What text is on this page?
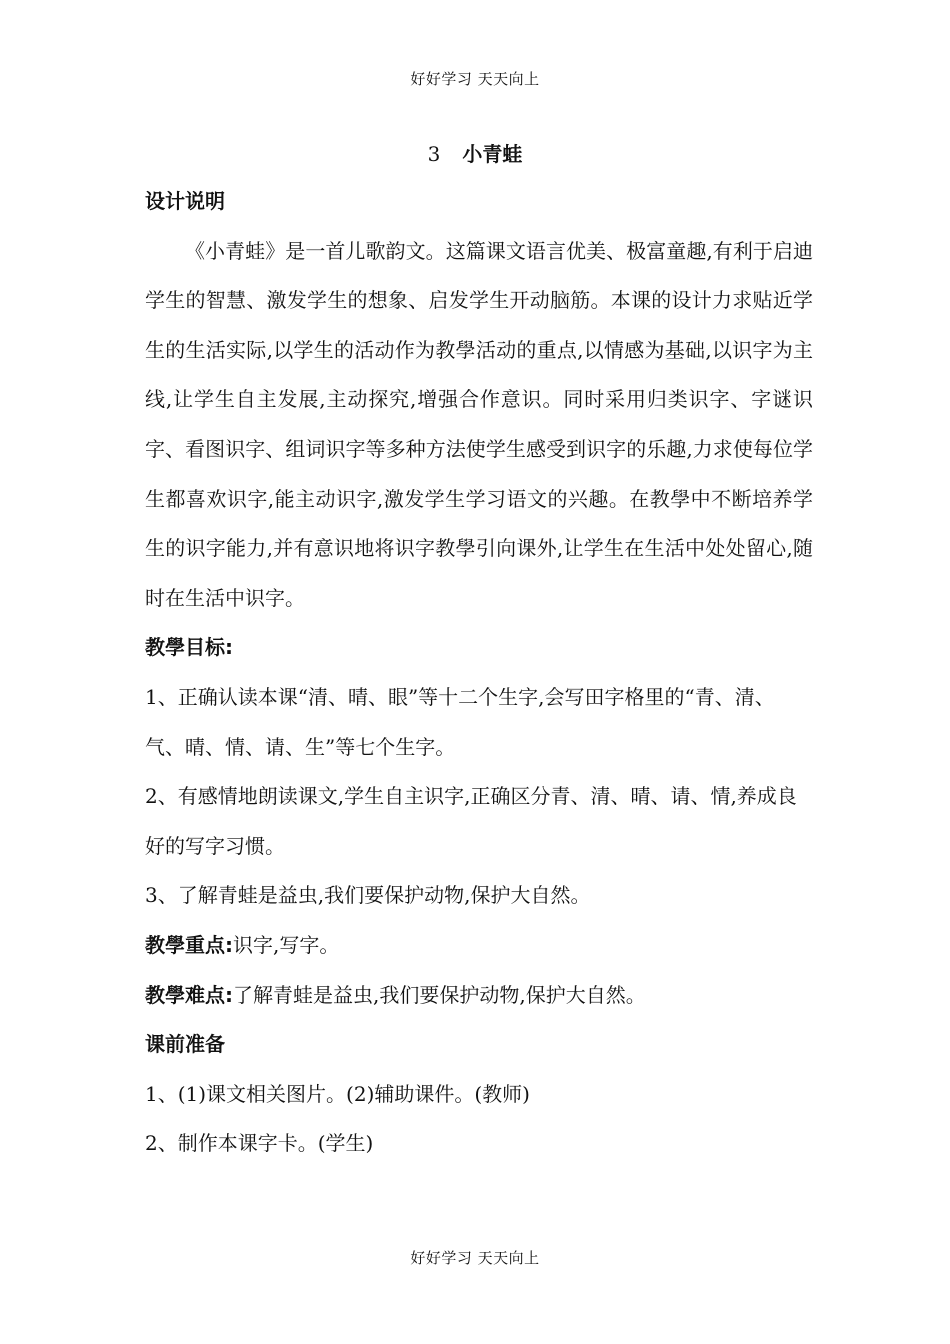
好好学习 天天向上
3 小青蛙

设计说明

《小青蛙》是一首儿歌韵文。这篇课文语言优美、极富童趣,有利于启迪学生的智慧、激发学生的想象、启发学生开动脑筋。本课的设计力求贴近学生的生活实际,以学生的活动作为教學活动的重点,以情感为基础,以识字为主线,让学生自主发展,主动探究,增强合作意识。同时采用归类识字、字谜识字、看图识字、组词识字等多种方法使学生感受到识字的乐趣,力求使每位学生都喜欢识字,能主动识字,激发学生学习语文的兴趣。在教學中不断培养学生的识字能力,并有意识地将识字教學引向课外,让学生在生活中处处留心,随时在生活中识字。

教學目标:

1、正确认读本课“清、晴、眼”等十二个生字,会写田字格里的“青、清、气、晴、情、请、生”等七个生字。

2、有感情地朗读课文,学生自主识字,正确区分青、清、晴、请、情,养成良好的写字习惯。

3、了解青蛙是益虫,我们要保护动物,保护大自然。

教學重点:识字,写字。

教學难点:了解青蛙是益虫,我们要保护动物,保护大自然。

课前准备

1、(1)课文相关图片。(2)辅助课件。(教师)

2、制作本课字卡。(学生)

好好学习 天天向上
